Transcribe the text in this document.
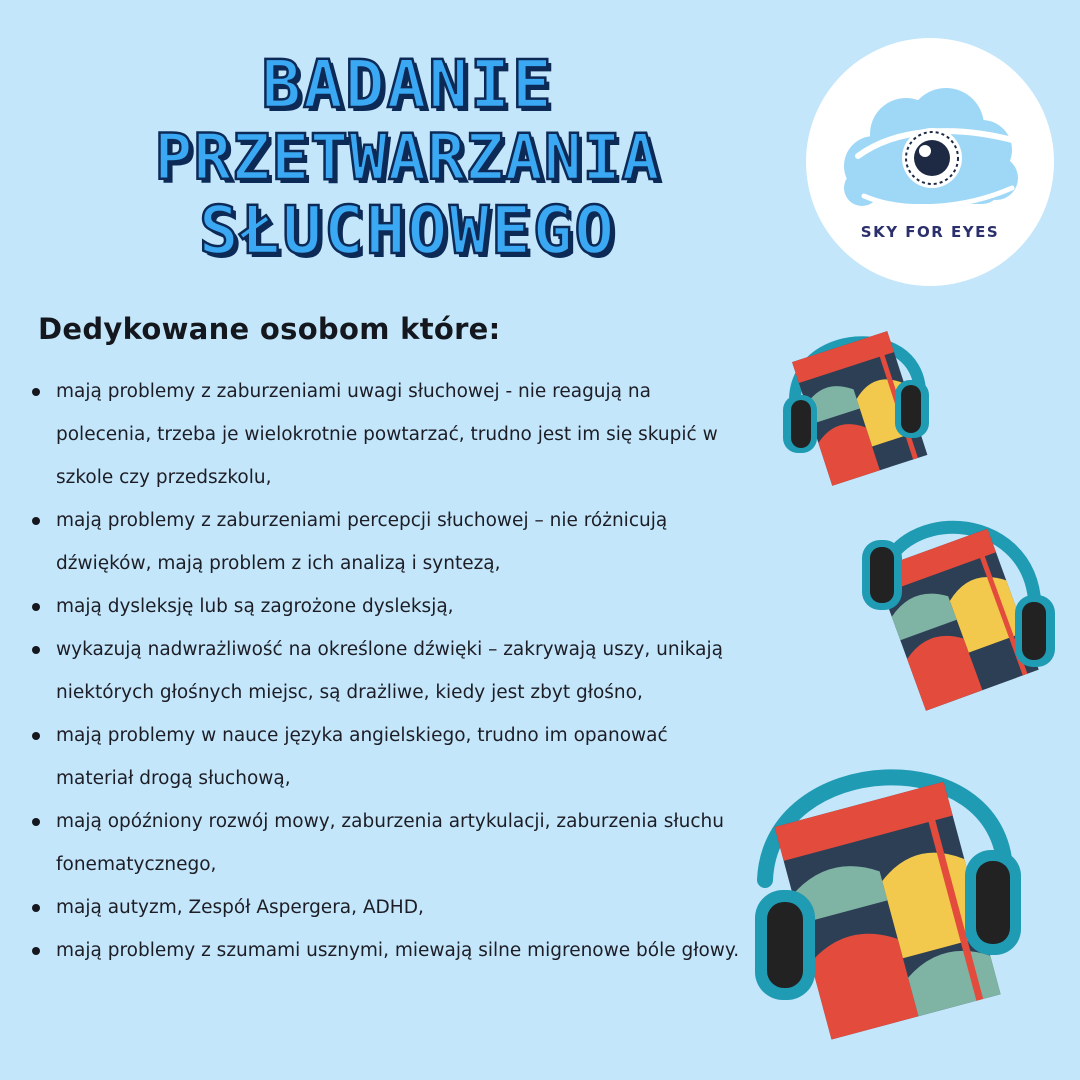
BADANIE
PRZETWARZANIA
SŁUCHOWEGO	SKY FOR EYES
Dedykowane osobom które:
mają problemy z zaburzeniami uwagi słuchowej - nie reagują na polecenia, trzeba je wielokrotnie powtarzać, trudno jest im się skupić w szkole czy przedszkolu,
mają problemy z zaburzeniami percepcji słuchowej – nie różnicują dźwięków, mają problem z ich analizą i syntezą,
mają dysleksję lub są zagrożone dysleksją,
wykazują nadwrażliwość na określone dźwięki – zakrywają uszy, unikają niektórych głośnych miejsc, są drażliwe, kiedy jest zbyt głośno,
mają problemy w nauce języka angielskiego, trudno im opanować materiał drogą słuchową,
mają opóźniony rozwój mowy, zaburzenia artykulacji, zaburzenia słuchu fonematycznego,
mają autyzm, Zespół Aspergera, ADHD,
mają problemy z szumami usznymi, miewają silne migrenowe bóle głowy.
